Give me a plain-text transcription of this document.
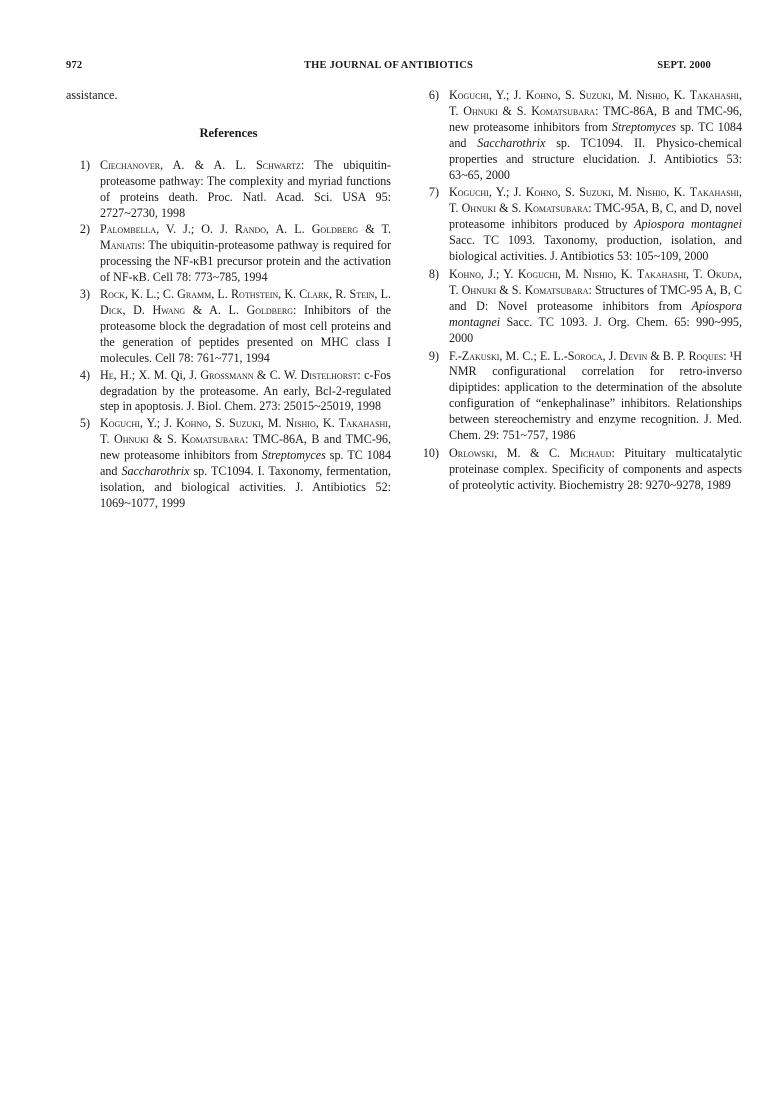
972	THE JOURNAL OF ANTIBIOTICS	SEPT. 2000

assistance.

References
1) Ciechanover, A. & A. L. Schwartz: The ubiquitin-proteasome pathway: The complexity and myriad functions of proteins death. Proc. Natl. Acad. Sci. USA 95: 2727~2730, 1998
2) Palombella, V. J.; O. J. Rando, A. L. Goldberg & T. Maniatis: The ubiquitin-proteasome pathway is required for processing the NF-κB1 precursor protein and the activation of NF-κB. Cell 78: 773~785, 1994
3) Rock, K. L.; C. Gramm, L. Rothstein, K. Clark, R. Stein, L. Dick, D. Hwang & A. L. Goldberg: Inhibitors of the proteasome block the degradation of most cell proteins and the generation of peptides presented on MHC class I molecules. Cell 78: 761~771, 1994
4) He, H.; X. M. Qi, J. Grossmann & C. W. Distelhorst: c-Fos degradation by the proteasome. An early, Bcl-2-regulated step in apoptosis. J. Biol. Chem. 273: 25015~25019, 1998
5) Koguchi, Y.; J. Kohno, S. Suzuki, M. Nishio, K. Takahashi, T. Ohnuki & S. Komatsubara: TMC-86A, B and TMC-96, new proteasome inhibitors from Streptomyces sp. TC 1084 and Saccharothrix sp. TC1094. I. Taxonomy, fermentation, isolation, and biological activities. J. Antibiotics 52: 1069~1077, 1999
6) Koguchi, Y.; J. Kohno, S. Suzuki, M. Nishio, K. Takahashi, T. Ohnuki & S. Komatsubara: TMC-86A, B and TMC-96, new proteasome inhibitors from Streptomyces sp. TC 1084 and Saccharothrix sp. TC1094. II. Physico-chemical properties and structure elucidation. J. Antibiotics 53: 63~65, 2000
7) Koguchi, Y.; J. Kohno, S. Suzuki, M. Nishio, K. Takahashi, T. Ohnuki & S. Komatsubara: TMC-95A, B, C, and D, novel proteasome inhibitors produced by Apiospora montagnei Sacc. TC 1093. Taxonomy, production, isolation, and biological activities. J. Antibiotics 53: 105~109, 2000
8) Kohno, J.; Y. Koguchi, M. Nishio, K. Takahashi, T. Okuda, T. Ohnuki & S. Komatsubara: Structures of TMC-95 A, B, C and D: Novel proteasome inhibitors from Apiospora montagnei Sacc. TC 1093. J. Org. Chem. 65: 990~995, 2000
9) F.-Zakuski, M. C.; E. L.-Soroca, J. Devin & B. P. Roques: ¹H NMR configurational correlation for retro-inverso dipiptides: application to the determination of the absolute configuration of “enkephalinase” inhibitors. Relationships between stereochemistry and enzyme recognition. J. Med. Chem. 29: 751~757, 1986
10) Orlowski, M. & C. Michaud: Pituitary multicatalytic proteinase complex. Specificity of components and aspects of proteolytic activity. Biochemistry 28: 9270~9278, 1989
